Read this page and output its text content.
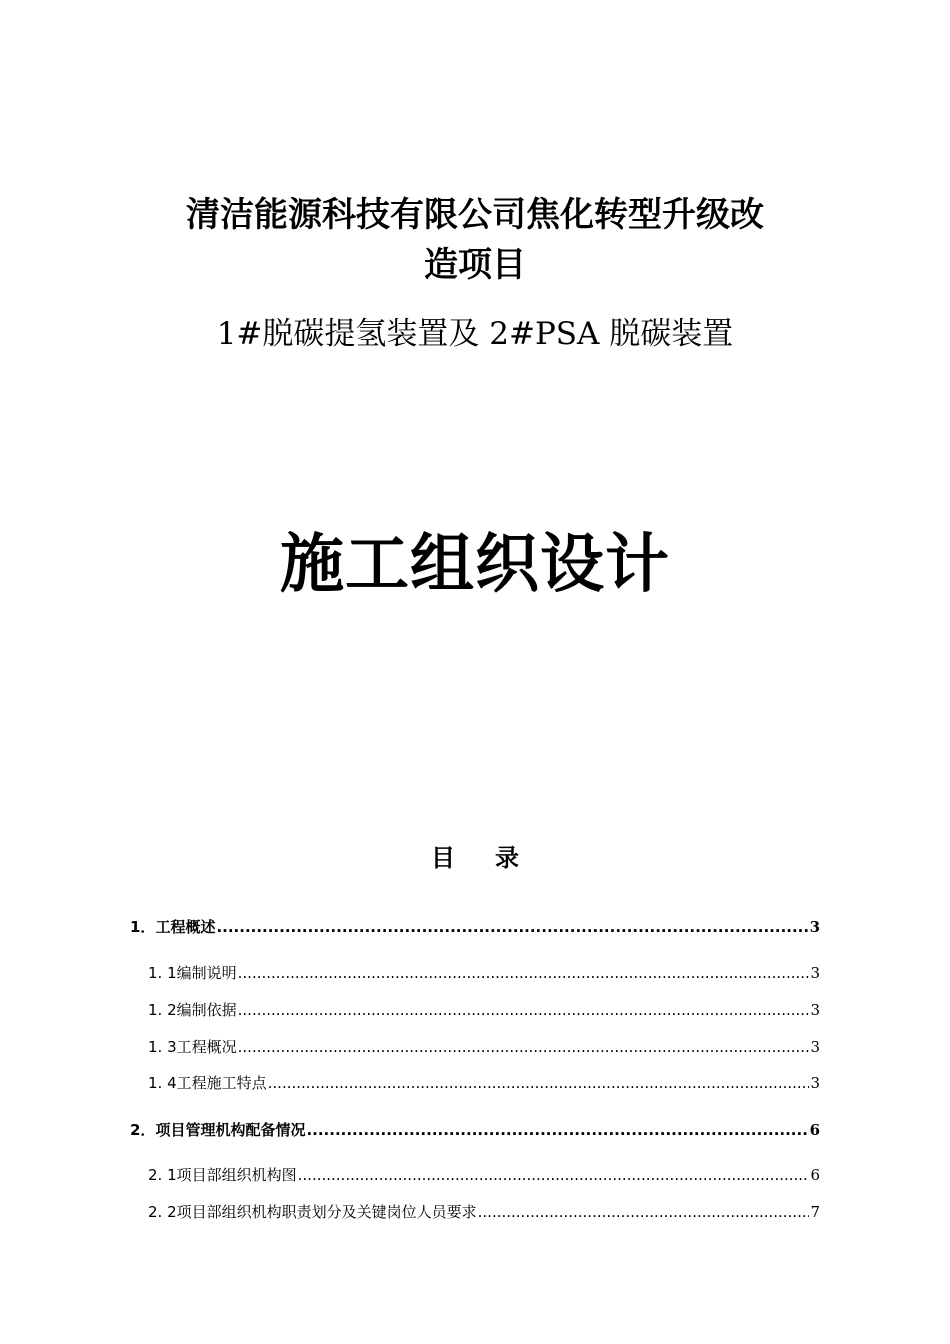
清洁能源科技有限公司焦化转型升级改
造项目
1#脱碳提氢装置及 2#PSA 脱碳装置
施工组织设计
目 录
1． 工程概述 .....	3
1. 1 编制说明 .....	3
1. 2 编制依据 .....	3
1. 3 工程概况 .....	3
1. 4 工程施工特点 .....	3
2． 项目管理机构配备情况 .....	6
2. 1 项目部组织机构图 .....	6
2. 2 项目部组织机构职责划分及关键岗位人员要求 .....	7
